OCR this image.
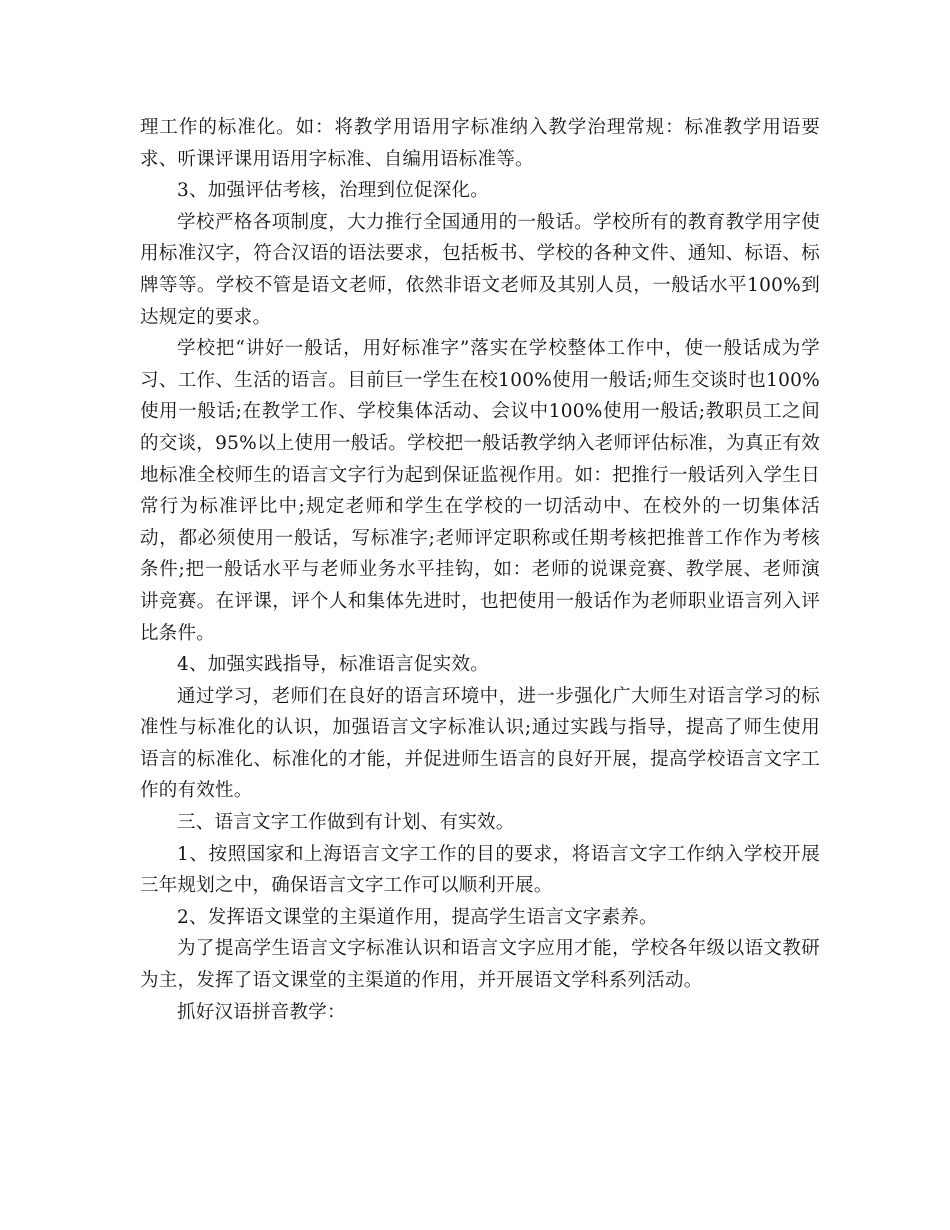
理工作的标准化。如：将教学用语用字标准纳入教学治理常规：标准教学用语要求、听课评课用语用字标准、自编用语标准等。

3、加强评估考核，治理到位促深化。

学校严格各项制度，大力推行全国通用的一般话。学校所有的教育教学用字使用标准汉字，符合汉语的语法要求，包括板书、学校的各种文件、通知、标语、标牌等等。学校不管是语文老师，依然非语文老师及其别人员，一般话水平100%到达规定的要求。

学校把“讲好一般话，用好标准字”落实在学校整体工作中，使一般话成为学习、工作、生活的语言。目前巨一学生在校100%使用一般话;师生交谈时也100%使用一般话;在教学工作、学校集体活动、会议中100%使用一般话;教职员工之间的交谈，95%以上使用一般话。学校把一般话教学纳入老师评估标准，为真正有效地标准全校师生的语言文字行为起到保证监视作用。如：把推行一般话列入学生日常行为标准评比中;规定老师和学生在学校的一切活动中、在校外的一切集体活动，都必须使用一般话，写标准字;老师评定职称或任期考核把推普工作作为考核条件;把一般话水平与老师业务水平挂钩，如：老师的说课竞赛、教学展、老师演讲竞赛。在评课，评个人和集体先进时，也把使用一般话作为老师职业语言列入评比条件。

4、加强实践指导，标准语言促实效。

通过学习，老师们在良好的语言环境中，进一步强化广大师生对语言学习的标准性与标准化的认识，加强语言文字标准认识;通过实践与指导，提高了师生使用语言的标准化、标准化的才能，并促进师生语言的良好开展，提高学校语言文字工作的有效性。

三、语言文字工作做到有计划、有实效。

1、按照国家和上海语言文字工作的目的要求，将语言文字工作纳入学校开展三年规划之中，确保语言文字工作可以顺利开展。

2、发挥语文课堂的主渠道作用，提高学生语言文字素养。

为了提高学生语言文字标准认识和语言文字应用才能，学校各年级以语文教研为主，发挥了语文课堂的主渠道的作用，并开展语文学科系列活动。

抓好汉语拼音教学：
